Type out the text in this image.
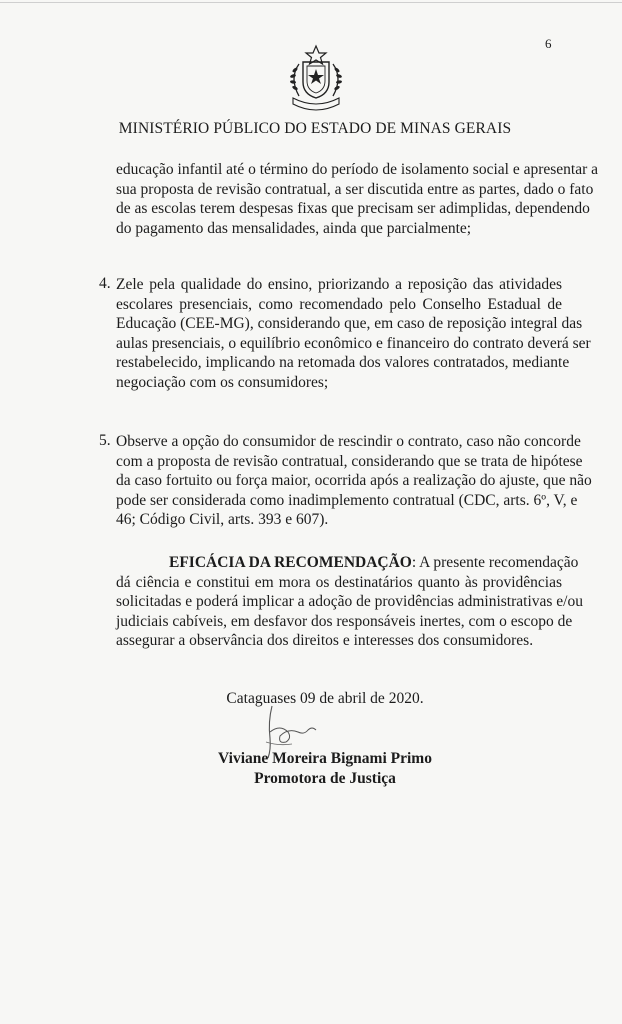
6
MINISTÉRIO PÚBLICO DO ESTADO DE MINAS GERAIS
educação infantil até o término do período de isolamento social e apresentar a
sua proposta de revisão contratual, a ser discutida entre as partes, dado o fato
de as escolas terem despesas fixas que precisam ser adimplidas, dependendo
do pagamento das mensalidades, ainda que parcialmente;
4. Zele pela qualidade do ensino, priorizando a reposição das atividades
escolares presenciais, como recomendado pelo Conselho Estadual de
Educação (CEE-MG), considerando que, em caso de reposição integral das
aulas presenciais, o equilíbrio econômico e financeiro do contrato deverá ser
restabelecido, implicando na retomada dos valores contratados, mediante
negociação com os consumidores;
5. Observe a opção do consumidor de rescindir o contrato, caso não concorde
com a proposta de revisão contratual, considerando que se trata de hipótese
da caso fortuito ou força maior, ocorrida após a realização do ajuste, que não
pode ser considerada como inadimplemento contratual (CDC, arts. 6º, V, e
46; Código Civil, arts. 393 e 607).
EFICÁCIA DA RECOMENDAÇÃO: A presente recomendação
dá ciência e constitui em mora os destinatários quanto às providências
solicitadas e poderá implicar a adoção de providências administrativas e/ou
judiciais cabíveis, em desfavor dos responsáveis inertes, com o escopo de
assegurar a observância dos direitos e interesses dos consumidores.
Cataguases 09 de abril de 2020.
Viviane Moreira Bignami Primo
Promotora de Justiça
